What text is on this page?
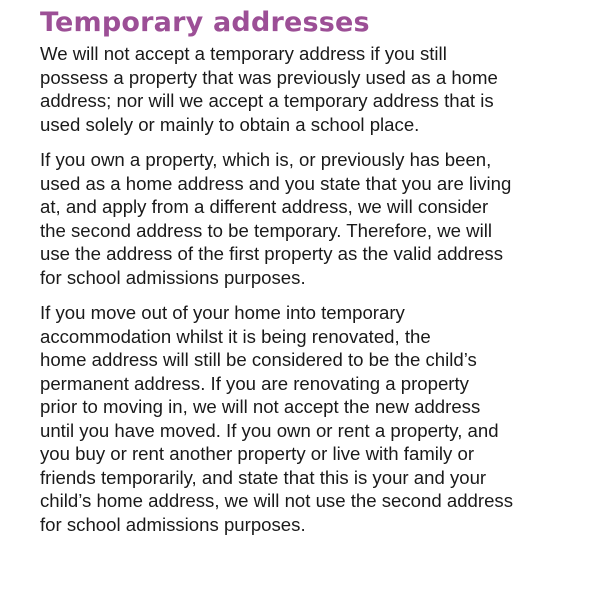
Temporary addresses

We will not accept a temporary address if you still
possess a property that was previously used as a home
address; nor will we accept a temporary address that is
used solely or mainly to obtain a school place.

If you own a property, which is, or previously has been,
used as a home address and you state that you are living
at, and apply from a different address, we will consider
the second address to be temporary. Therefore, we will
use the address of the first property as the valid address
for school admissions purposes.

If you move out of your home into temporary
accommodation whilst it is being renovated, the
home address will still be considered to be the child’s
permanent address. If you are renovating a property
prior to moving in, we will not accept the new address
until you have moved. If you own or rent a property, and
you buy or rent another property or live with family or
friends temporarily, and state that this is your and your
child’s home address, we will not use the second address
for school admissions purposes.
